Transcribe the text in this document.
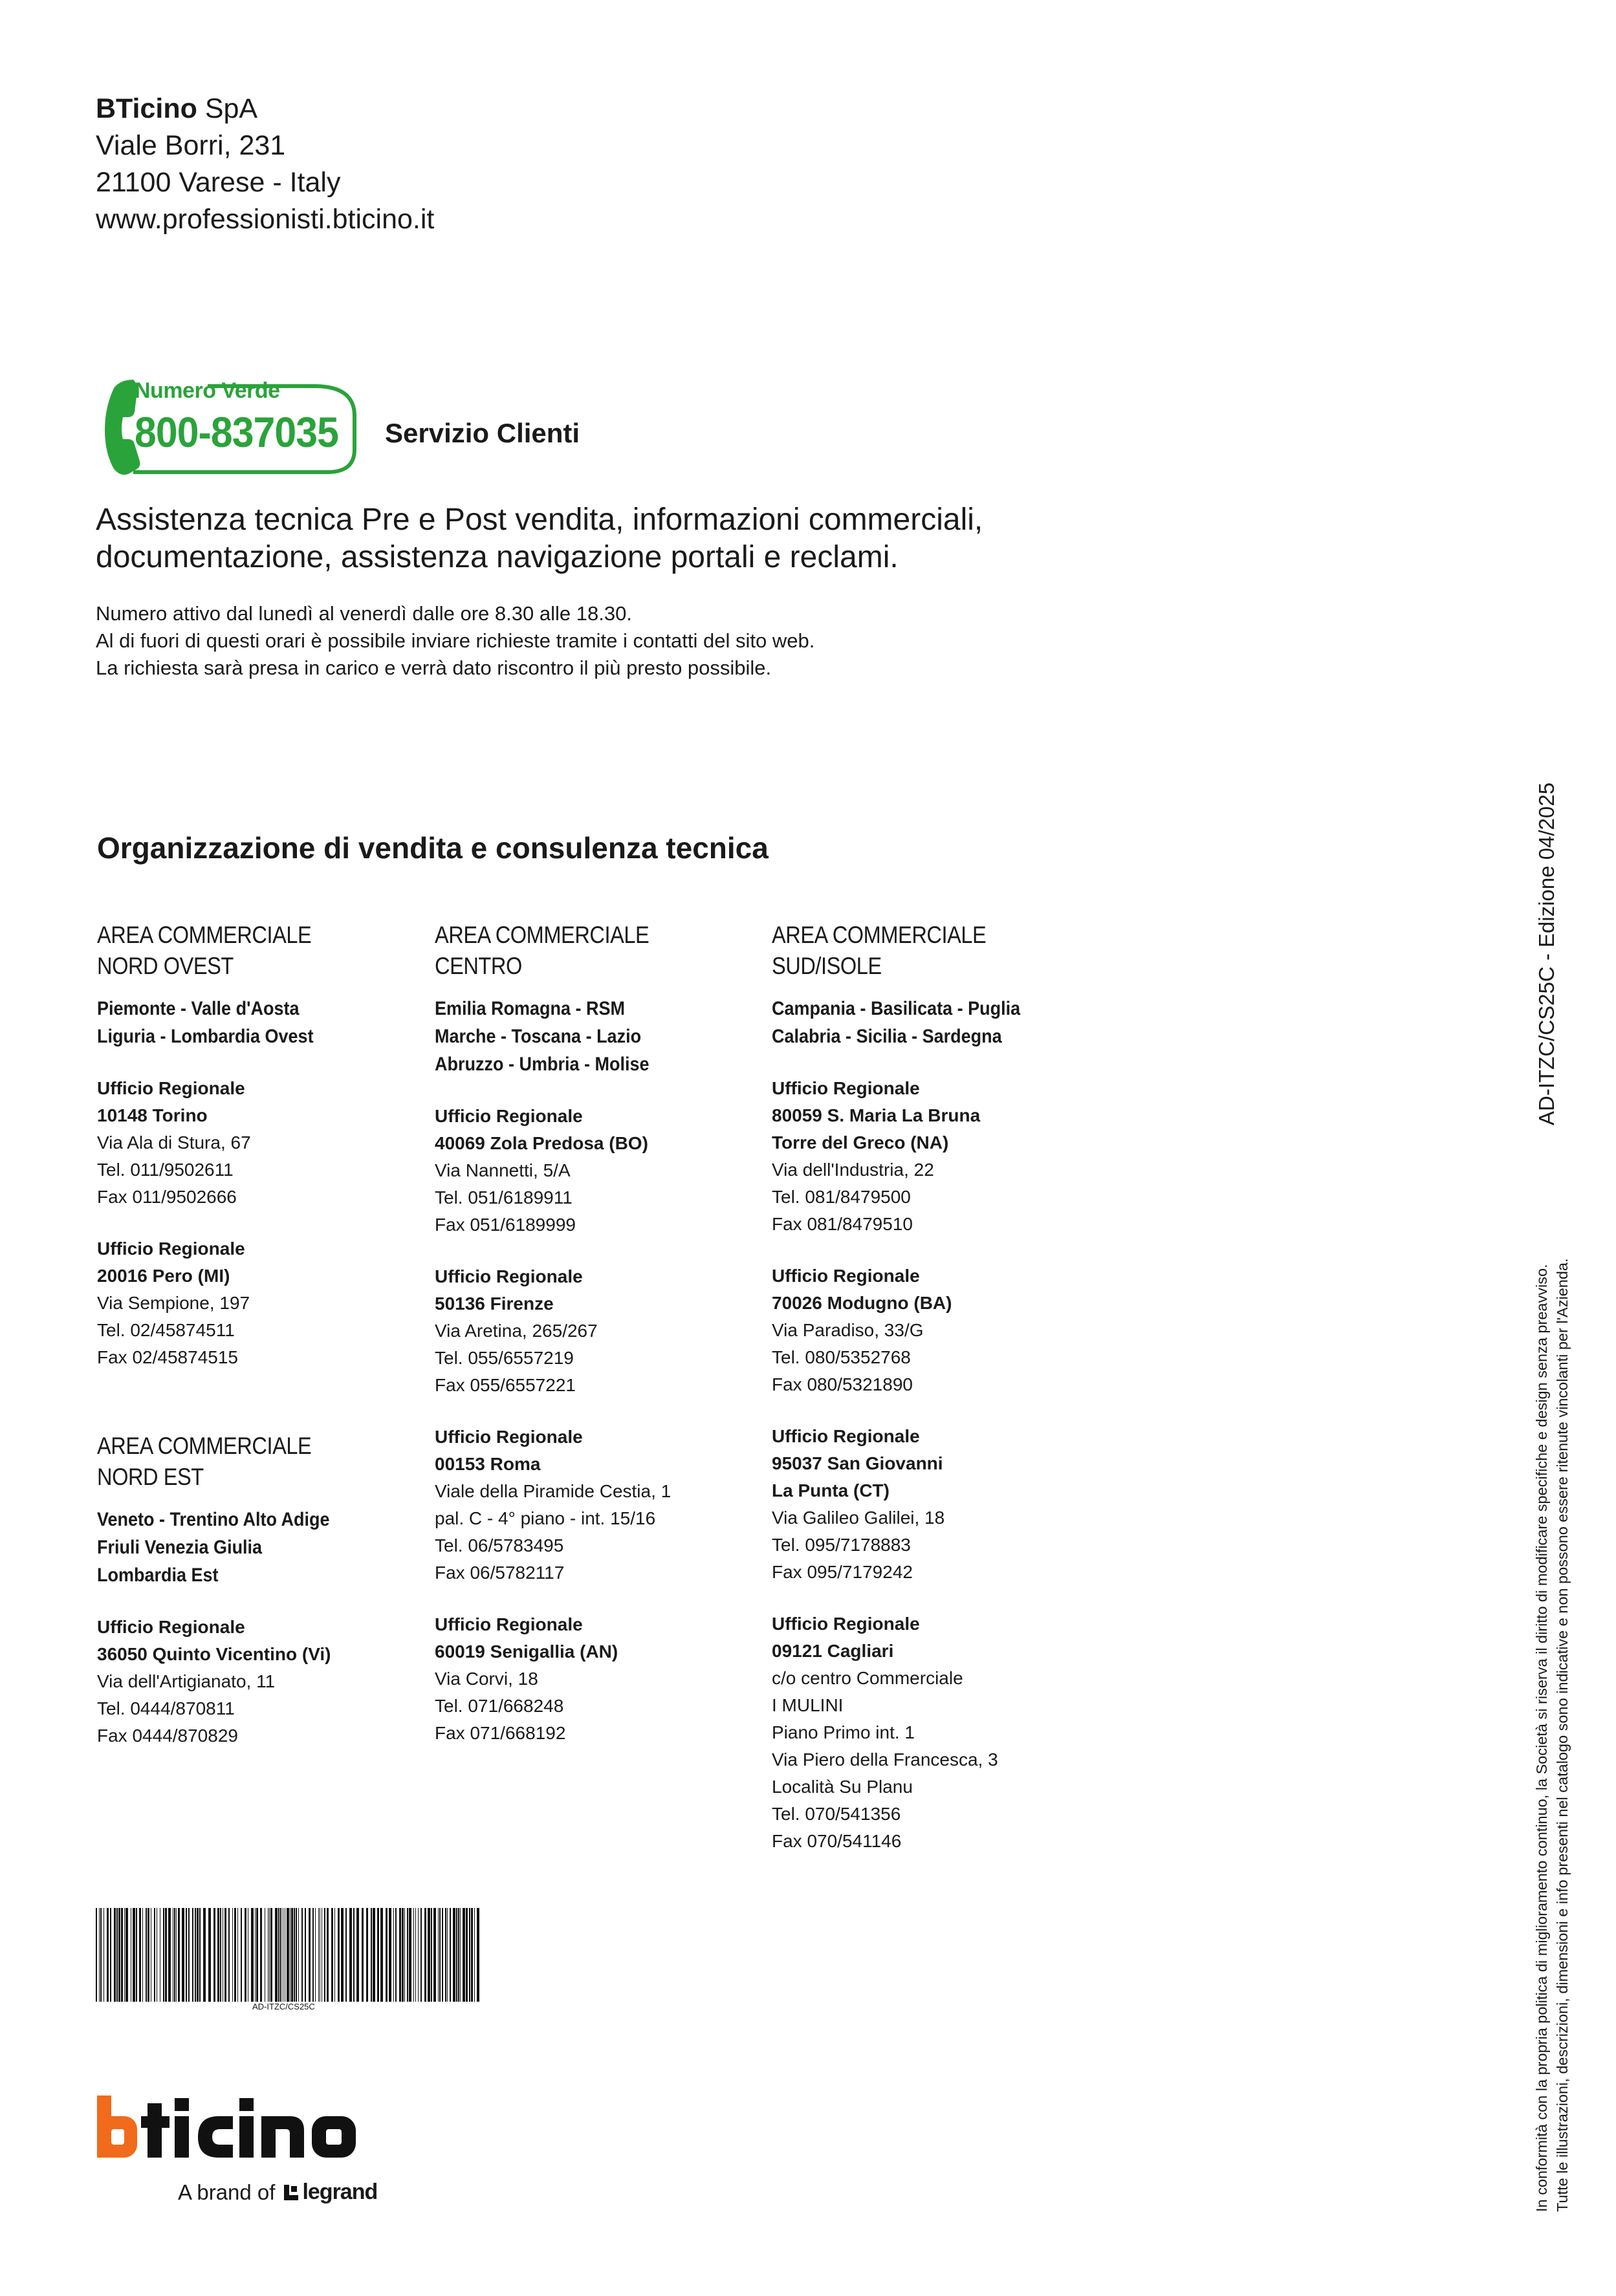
BTicino SpA
Viale Borri, 231
21100 Varese - Italy
www.professionisti.bticino.it
Numero Verde
800-837035 Servizio Clienti
Assistenza tecnica Pre e Post vendita, informazioni commerciali,
documentazione, assistenza navigazione portali e reclami.
Numero attivo dal lunedì al venerdì dalle ore 8.30 alle 18.30.
Al di fuori di questi orari è possibile inviare richieste tramite i contatti del sito web.
La richiesta sarà presa in carico e verrà dato riscontro il più presto possibile.
Organizzazione di vendita e consulenza tecnica
AREA COMMERCIALE
NORD OVEST
Piemonte - Valle d'Aosta
Liguria - Lombardia Ovest
Ufficio Regionale
10148 Torino
Via Ala di Stura, 67
Tel. 011/9502611
Fax 011/9502666
Ufficio Regionale
20016 Pero (MI)
Via Sempione, 197
Tel. 02/45874511
Fax 02/45874515
AREA COMMERCIALE
NORD EST
Veneto - Trentino Alto Adige
Friuli Venezia Giulia
Lombardia Est
Ufficio Regionale
36050 Quinto Vicentino (Vi)
Via dell'Artigianato, 11
Tel. 0444/870811
Fax 0444/870829
AREA COMMERCIALE
CENTRO
Emilia Romagna - RSM
Marche - Toscana - Lazio
Abruzzo - Umbria - Molise
Ufficio Regionale
40069 Zola Predosa (BO)
Via Nannetti, 5/A
Tel. 051/6189911
Fax 051/6189999
Ufficio Regionale
50136 Firenze
Via Aretina, 265/267
Tel. 055/6557219
Fax 055/6557221
Ufficio Regionale
00153 Roma
Viale della Piramide Cestia, 1
pal. C - 4° piano - int. 15/16
Tel. 06/5783495
Fax 06/5782117
Ufficio Regionale
60019 Senigallia (AN)
Via Corvi, 18
Tel. 071/668248
Fax 071/668192
AREA COMMERCIALE
SUD/ISOLE
Campania - Basilicata - Puglia
Calabria - Sicilia - Sardegna
Ufficio Regionale
80059 S. Maria La Bruna
Torre del Greco (NA)
Via dell'Industria, 22
Tel. 081/8479500
Fax 081/8479510
Ufficio Regionale
70026 Modugno (BA)
Via Paradiso, 33/G
Tel. 080/5352768
Fax 080/5321890
Ufficio Regionale
95037 San Giovanni
La Punta (CT)
Via Galileo Galilei, 18
Tel. 095/7178883
Fax 095/7179242
Ufficio Regionale
09121 Cagliari
c/o centro Commerciale
I MULINI
Piano Primo int. 1
Via Piero della Francesca, 3
Località Su Planu
Tel. 070/541356
Fax 070/541146
AD-ITZC/CS25C - Edizione 04/2025
In conformità con la propria politica di miglioramento continuo, la Società si riserva il diritto di modificare specifiche e design senza preavviso. Tutte le illustrazioni, descrizioni, dimensioni e info presenti nel catalogo sono indicative e non possono essere ritenute vincolanti per l'Azienda.
AD-ITZC/CS25C
A brand of legrand
